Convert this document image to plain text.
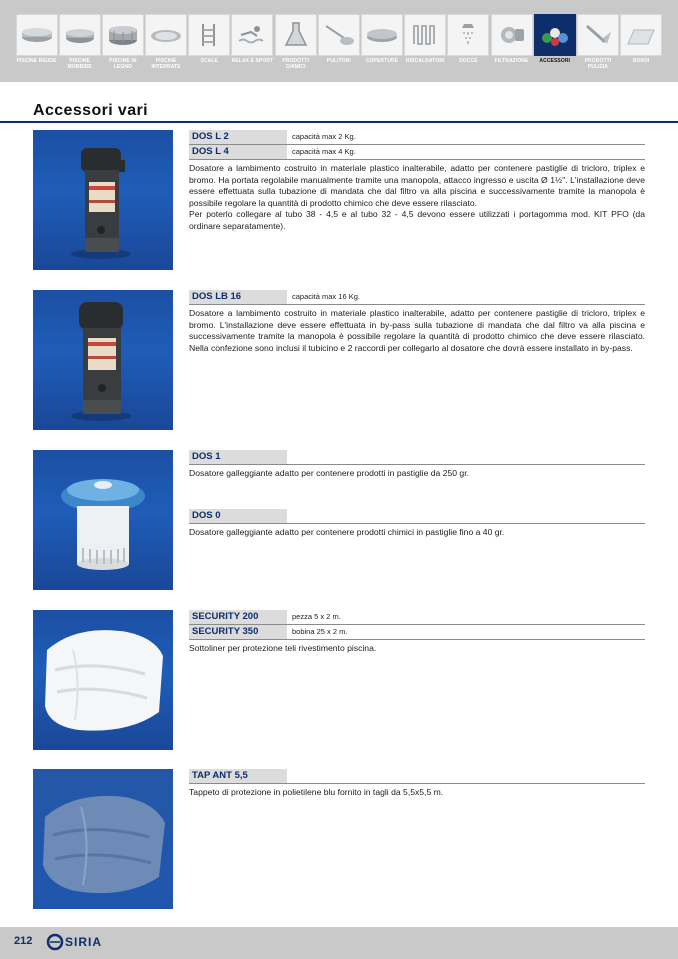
PISCINE RIGIDE	PISCINE MORBIDE
PISCINE IN LEGNO
PISCINE INTERRATE
SCALE	RELAX E SPORT	PRODOTTI CHIMICI
PULITORI	COPERTURE	RISCALDATORI	DOCCE	FILTRAZIONE	ACCESSORI	PRODOTTI PULIZIA
BORDI
Accessori vari
DOS L 2	capacità max 2 Kg.
DOS L 4	capacità max 4 Kg.

Dosatore a lambimento costruito in materiale plastico inalterabile, adatto per contenere pastiglie di tricloro, triplex e bromo. Ha portata regolabile manualmente tramite una manopola, attacco ingresso e uscita Ø 1½". L'installazione deve essere effettuata sulla tubazione di mandata che dal filtro va alla piscina e successivamente tramite la manopola è possibile regolare la quantità di prodotto chimico che deve essere rilasciato.

Per poterlo collegare al tubo 38 - 4,5 e al tubo 32 - 4,5 devono essere utilizzati i portagomma mod. KIT PFO (da ordinare separatamente).

DOS LB 16	capacità max 16 Kg.

Dosatore a lambimento costruito in materiale plastico inalterabile, adatto per contenere pastiglie di tricloro, triplex e bromo. L'installazione deve essere effettuata in by-pass sulla tubazione di mandata che dal filtro va alla piscina e successivamente tramite la manopola è possibile regolare la quantità di prodotto chimico che deve essere rilasciato. Nella confezione sono inclusi il tubicino e 2 raccordi per collegarlo al dosatore che dovrà essere installato in by-pass.

DOS 1

Dosatore galleggiante adatto per contenere prodotti in pastiglie da 250 gr.

DOS 0

Dosatore galleggiante adatto per contenere prodotti chimici in pastiglie fino a 40 gr.

SECURITY 200	pezza 5 x 2 m.
SECURITY 350	bobina 25 x 2 m.

Sottoliner per protezione teli rivestimento piscina.

TAP ANT 5,5

Tappeto di protezione in polietilene blu fornito in tagli da 5,5x5,5 m.

212	SIRIA
